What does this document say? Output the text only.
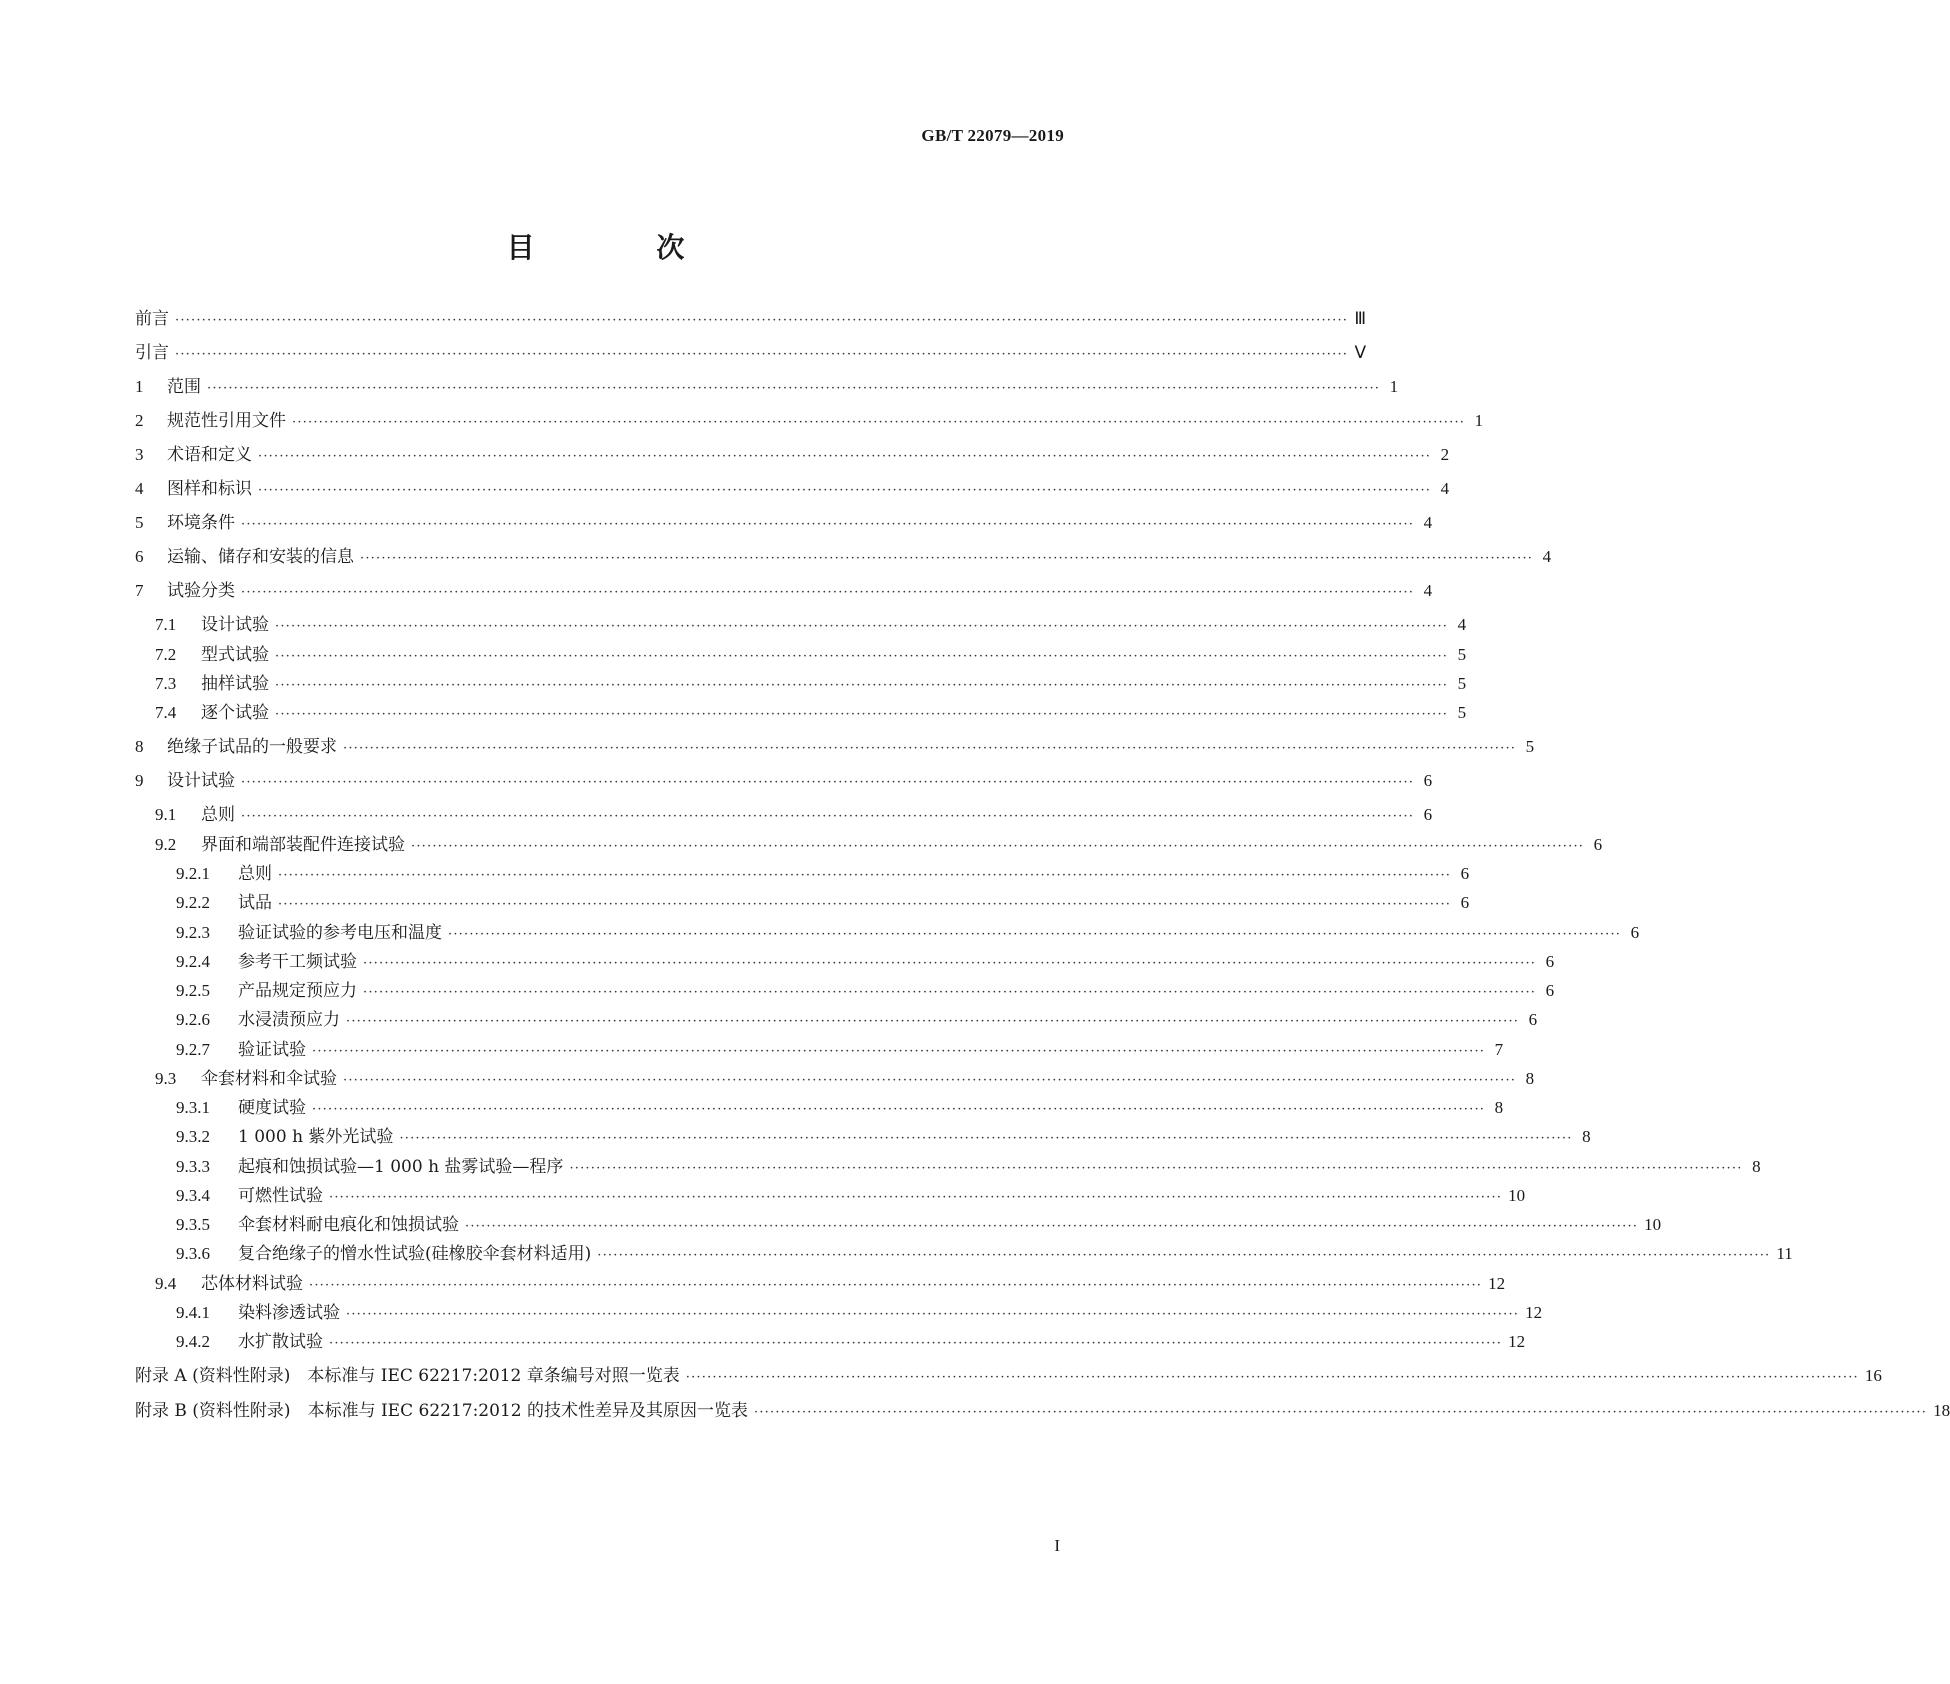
GB/T 22079—2019
目 次
前言 ···························································································································································································································· Ⅲ
引言 ···························································································································································································································· Ⅴ
1	范围 ···························································································································································································································· 1
2	规范性引用文件 ···························································································································································································································· 1
3	术语和定义 ···························································································································································································································· 2
4	图样和标识 ···························································································································································································································· 4
5	环境条件 ···························································································································································································································· 4
6	运输、储存和安装的信息 ···························································································································································································································· 4
7	试验分类 ···························································································································································································································· 4
7.1	设计试验 ···························································································································································································································· 4
7.2	型式试验 ···························································································································································································································· 5
7.3	抽样试验 ···························································································································································································································· 5
7.4	逐个试验 ···························································································································································································································· 5
8	绝缘子试品的一般要求 ···························································································································································································································· 5
9	设计试验 ···························································································································································································································· 6
9.1	总则 ···························································································································································································································· 6
9.2	界面和端部装配件连接试验 ···························································································································································································································· 6
9.2.1	总则 ···························································································································································································································· 6
9.2.2	试品 ···························································································································································································································· 6
9.2.3	验证试验的参考电压和温度 ···························································································································································································································· 6
9.2.4	参考干工频试验 ···························································································································································································································· 6
9.2.5	产品规定预应力 ···························································································································································································································· 6
9.2.6	水浸渍预应力 ···························································································································································································································· 6
9.2.7	验证试验 ···························································································································································································································· 7
9.3	伞套材料和伞试验 ···························································································································································································································· 8
9.3.1	硬度试验 ···························································································································································································································· 8
9.3.2	1 000 h 紫外光试验 ···························································································································································································································· 8
9.3.3	起痕和蚀损试验—1 000 h 盐雾试验—程序 ···························································································································································································································· 8
9.3.4	可燃性试验 ···························································································································································································································· 10
9.3.5	伞套材料耐电痕化和蚀损试验 ···························································································································································································································· 10
9.3.6	复合绝缘子的憎水性试验(硅橡胶伞套材料适用) ···························································································································································································································· 11
9.4	芯体材料试验 ···························································································································································································································· 12
9.4.1	染料渗透试验 ···························································································································································································································· 12
9.4.2	水扩散试验 ···························································································································································································································· 12
附录 A (资料性附录)　本标准与 IEC 62217:2012 章条编号对照一览表 ···························································································································································································································· 16
附录 B (资料性附录)　本标准与 IEC 62217:2012 的技术性差异及其原因一览表 ···························································································································································································································· 18
I
